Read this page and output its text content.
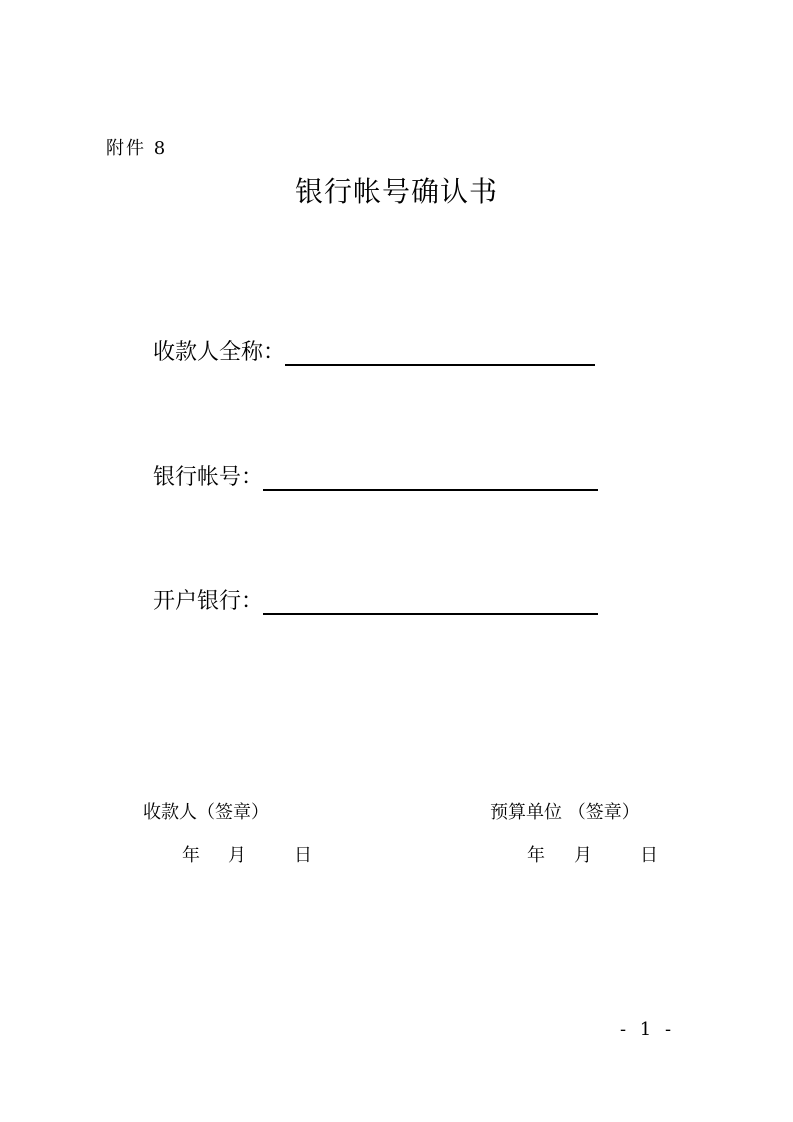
附件 8
银行帐号确认书
收款人全称：
银行帐号：
开户银行：
收款人（签章）	预算单位 （签章）
年 月	日	年 月	日
- 1 -
